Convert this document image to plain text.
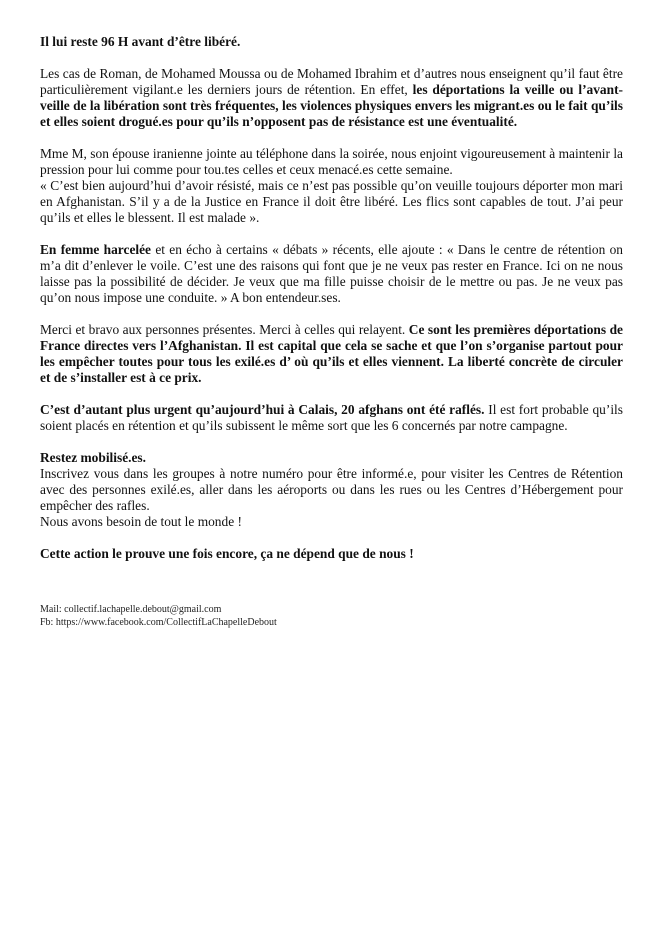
Il lui reste 96 H avant d’être libéré.

Les cas de Roman, de Mohamed Moussa ou de Mohamed Ibrahim et d’autres nous enseignent qu’il faut être particulièrement vigilant.e les derniers jours de rétention. En effet, les déportations la veille ou l’avant-veille de la libération sont très fréquentes, les violences physiques envers les migrant.es ou le fait qu’ils et elles soient drogué.es pour qu’ils n’opposent pas de résistance est une éventualité.

Mme M, son épouse iranienne jointe au téléphone dans la soirée, nous enjoint vigoureusement à maintenir la pression pour lui comme pour tou.tes celles et ceux menacé.es cette semaine.
« C’est bien aujourd’hui d’avoir résisté, mais ce n’est pas possible qu’on veuille toujours déporter mon mari en Afghanistan. S’il y a de la Justice en France il doit être libéré. Les flics sont capables de tout. J’ai peur qu’ils et elles le blessent. Il est malade ».

En femme harcelée et en écho à certains « débats » récents, elle ajoute : « Dans le centre de rétention on m’a dit d’enlever le voile. C’est une des raisons qui font que je ne veux pas rester en France. Ici on ne nous laisse pas la possibilité de décider. Je veux que ma fille puisse choisir de le mettre ou pas. Je ne veux pas qu’on nous impose une conduite. » A bon entendeur.ses.

Merci et bravo aux personnes présentes. Merci à celles qui relayent. Ce sont les premières déportations de France directes vers l’Afghanistan. Il est capital que cela se sache et que l’on s’organise partout pour les empêcher toutes pour tous les exilé.es d’ où qu’ils et elles viennent. La liberté concrète de circuler et de s’installer est à ce prix.

C’est d’autant plus urgent qu’aujourd’hui à Calais, 20 afghans ont été raflés. Il est fort probable qu’ils soient placés en rétention et qu’ils subissent le même sort que les 6 concernés par notre campagne.

Restez mobilisé.es.
Inscrivez vous dans les groupes à notre numéro pour être informé.e, pour visiter les Centres de Rétention avec des personnes exilé.es, aller dans les aéroports ou dans les rues ou les Centres d’Hébergement pour empêcher des rafles.
Nous avons besoin de tout le monde !

Cette action le prouve une fois encore, ça ne dépend que de nous !

Mail: collectif.lachapelle.debout@gmail.com
Fb: https://www.facebook.com/CollectifLaChapelleDebout
